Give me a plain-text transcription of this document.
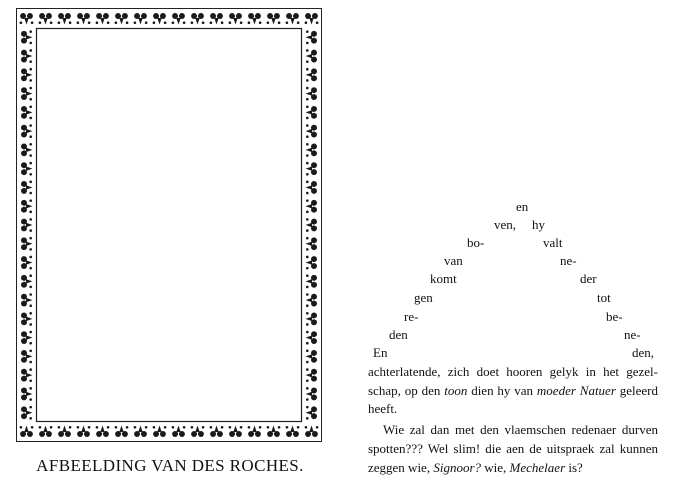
AFBEELDING VAN DES ROCHES.
en
ven, hy
bo-	valt
van	ne-
komt	der
gen	tot
re-	be-
den	ne-
En	den,
achterlatende, zich doet hooren gelyk in het gezel-
schap, op den toon dien hy van moeder Natuer geleerd
heeft.
Wie zal dan met den vlaemschen redenaer durven
spotten??? Wel slim! die aen de uitspraek zal kunnen
zeggen wie, Signoor? wie, Mechelaer is?
